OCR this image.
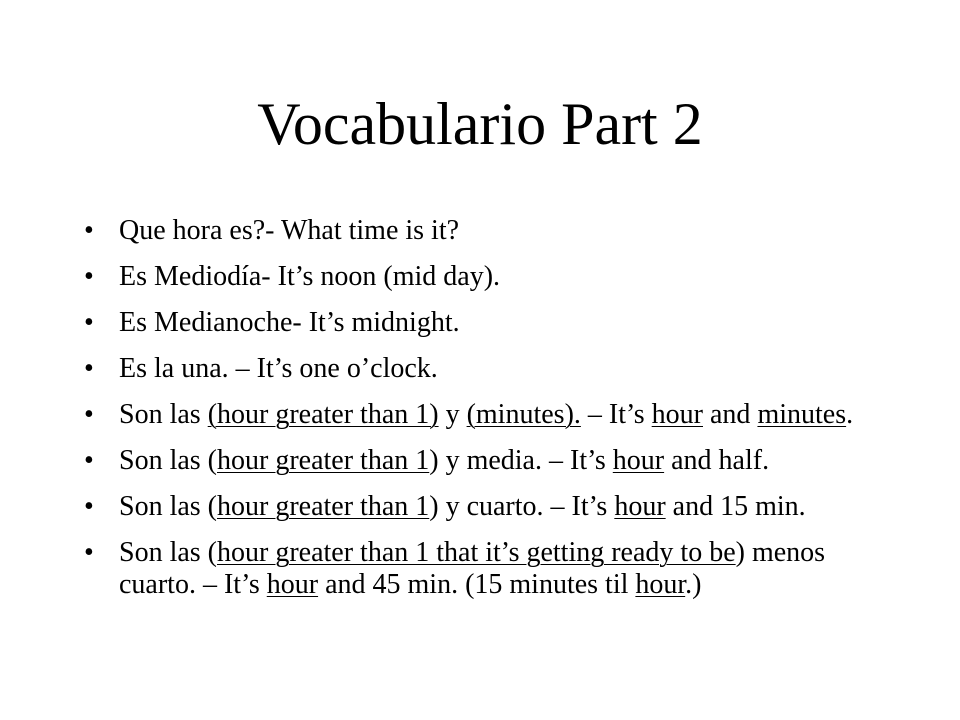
Vocabulario Part 2
• Que hora es?- What time is it?
• Es Mediodía- It’s noon (mid day).
• Es Medianoche- It’s midnight.
• Es la una. – It’s one o’clock.
• Son las (hour greater than 1) y (minutes). – It’s hour and minutes.
• Son las (hour greater than 1) y media. – It’s hour and half.
• Son las (hour greater than 1) y cuarto. – It’s hour and 15 min.
• Son las (hour greater than 1 that it’s getting ready to be) menos cuarto. – It’s hour and 45 min. (15 minutes til hour.)
